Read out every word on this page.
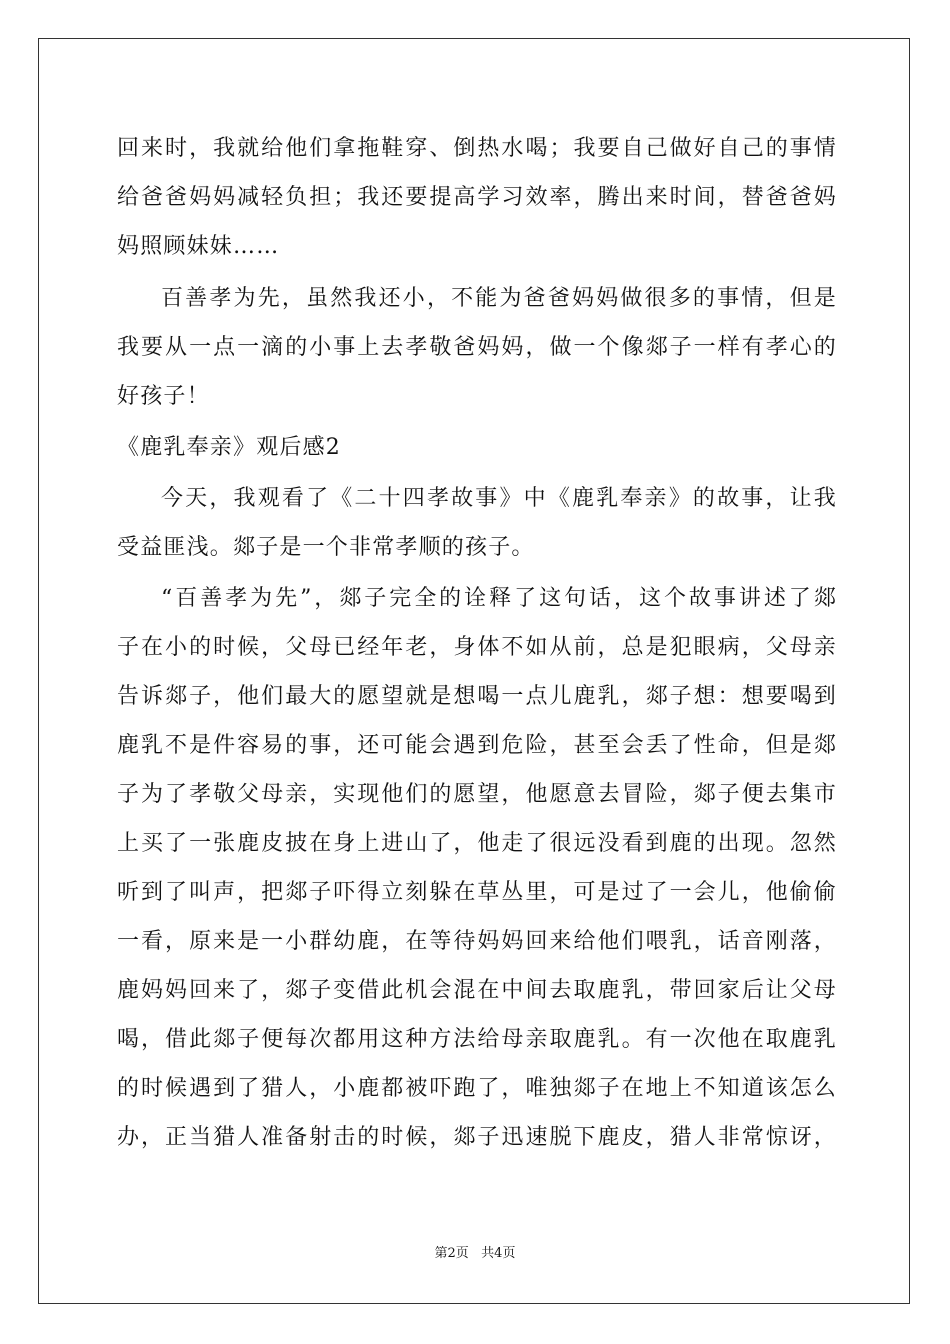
回来时，我就给他们拿拖鞋穿、倒热水喝；我要自己做好自己的事情
给爸爸妈妈减轻负担；我还要提高学习效率，腾出来时间，替爸爸妈
妈照顾妹妹……
百善孝为先，虽然我还小，不能为爸爸妈妈做很多的事情，但是
我要从一点一滴的小事上去孝敬爸妈妈，做一个像郯子一样有孝心的
好孩子！
《鹿乳奉亲》观后感2
今天，我观看了《二十四孝故事》中《鹿乳奉亲》的故事，让我
受益匪浅。郯子是一个非常孝顺的孩子。
“百善孝为先”，郯子完全的诠释了这句话，这个故事讲述了郯
子在小的时候，父母已经年老，身体不如从前，总是犯眼病，父母亲
告诉郯子，他们最大的愿望就是想喝一点儿鹿乳，郯子想：想要喝到
鹿乳不是件容易的事，还可能会遇到危险，甚至会丢了性命，但是郯
子为了孝敬父母亲，实现他们的愿望，他愿意去冒险，郯子便去集市
上买了一张鹿皮披在身上进山了，他走了很远没看到鹿的出现。忽然
听到了叫声，把郯子吓得立刻躲在草丛里，可是过了一会儿，他偷偷
一看，原来是一小群幼鹿，在等待妈妈回来给他们喂乳，话音刚落，
鹿妈妈回来了，郯子变借此机会混在中间去取鹿乳，带回家后让父母
喝，借此郯子便每次都用这种方法给母亲取鹿乳。有一次他在取鹿乳
的时候遇到了猎人，小鹿都被吓跑了，唯独郯子在地上不知道该怎么
办，正当猎人准备射击的时候，郯子迅速脱下鹿皮，猎人非常惊讶，
第2页   共4页
